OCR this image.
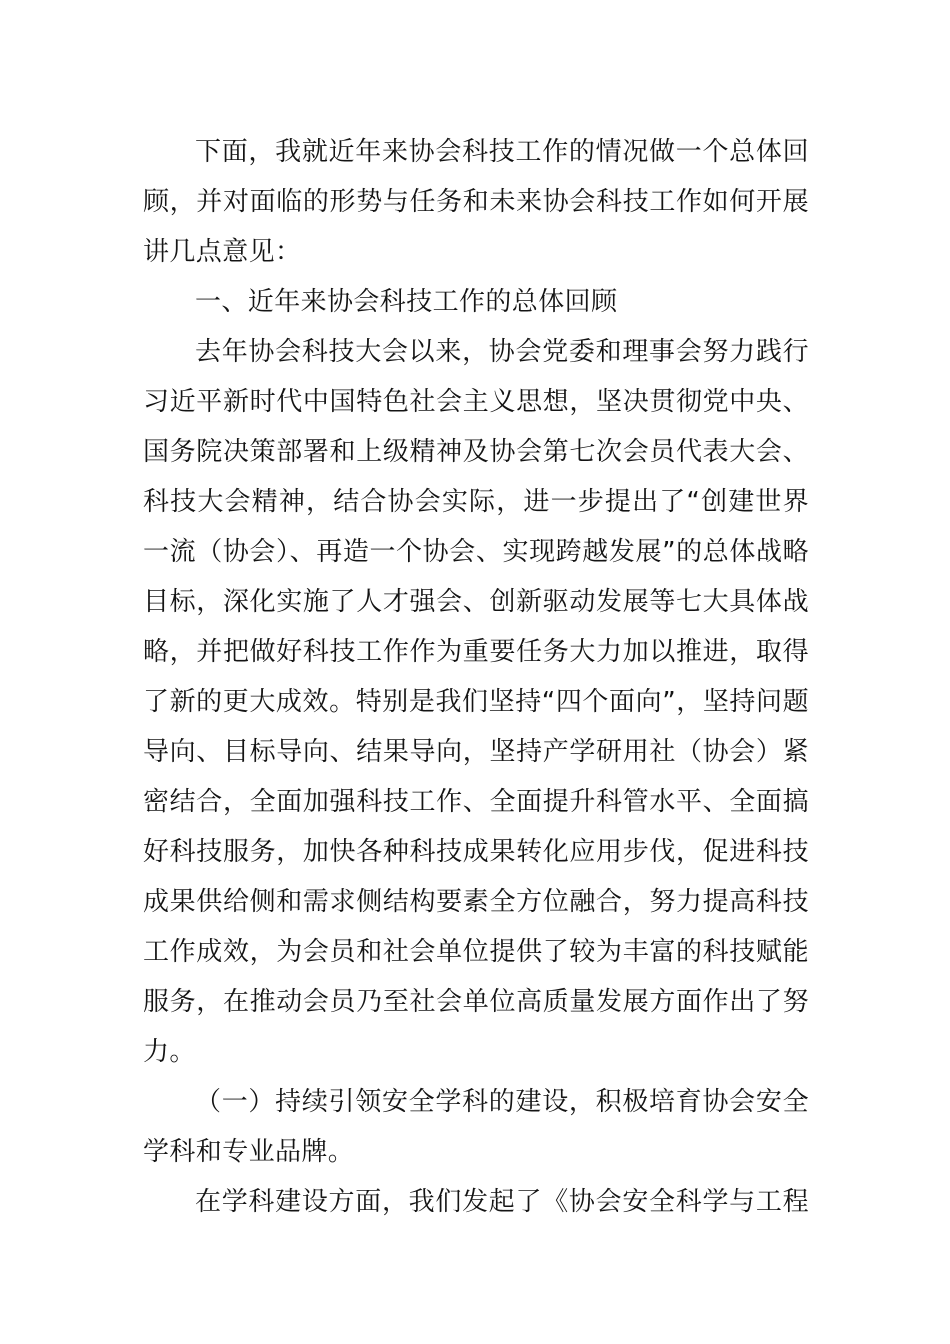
下面，我就近年来协会科技工作的情况做一个总体回顾，并对面临的形势与任务和未来协会科技工作如何开展讲几点意见：

一、近年来协会科技工作的总体回顾

去年协会科技大会以来，协会党委和理事会努力践行习近平新时代中国特色社会主义思想，坚决贯彻党中央、国务院决策部署和上级精神及协会第七次会员代表大会、科技大会精神，结合协会实际，进一步提出了“创建世界一流（协会）、再造一个协会、实现跨越发展”的总体战略目标，深化实施了人才强会、创新驱动发展等七大具体战略，并把做好科技工作作为重要任务大力加以推进，取得了新的更大成效。特别是我们坚持“四个面向”，坚持问题导向、目标导向、结果导向，坚持产学研用社（协会）紧密结合，全面加强科技工作、全面提升科管水平、全面搞好科技服务，加快各种科技成果转化应用步伐，促进科技成果供给侧和需求侧结构要素全方位融合，努力提高科技工作成效，为会员和社会单位提供了较为丰富的科技赋能服务，在推动会员乃至社会单位高质量发展方面作出了努力。

（一）持续引领安全学科的建设，积极培育协会安全学科和专业品牌。

在学科建设方面，我们发起了《协会安全科学与工程
